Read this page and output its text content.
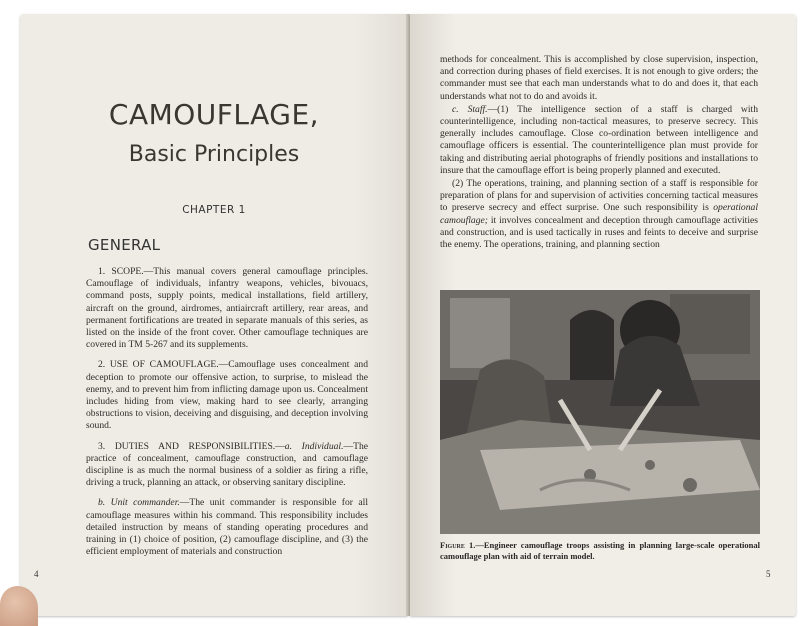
CAMOUFLAGE,
Basic Principles
CHAPTER 1
GENERAL

1. SCOPE.—This manual covers general camouflage principles. Camouflage of individuals, infantry weapons, vehicles, bivouacs, command posts, supply points, medical installations, field artillery, aircraft on the ground, airdromes, antiaircraft artillery, rear areas, and permanent fortifications are treated in separate manuals of this series, as listed on the inside of the front cover. Other camouflage techniques are covered in TM 5-267 and its supplements.

2. USE OF CAMOUFLAGE.—Camouflage uses concealment and deception to promote our offensive action, to surprise, to mislead the enemy, and to prevent him from inflicting damage upon us. Concealment includes hiding from view, making hard to see clearly, arranging obstructions to vision, deceiving and disguising, and deception involving sound.

3. DUTIES AND RESPONSIBILITIES.—a. Individual.—The practice of concealment, camouflage construction, and camouflage discipline is as much the normal business of a soldier as firing a rifle, driving a truck, planning an attack, or observing sanitary discipline.

b. Unit commander.—The unit commander is responsible for all camouflage measures within his command. This responsibility includes detailed instruction by means of standing operating procedures and training in (1) choice of position, (2) camouflage discipline, and (3) the efficient employment of materials and construction

4

methods for concealment. This is accomplished by close supervision, inspection, and correction during phases of field exercises. It is not enough to give orders; the commander must see that each man understands what to do and does it, that each understands what not to do and avoids it.

c. Staff.—(1) The intelligence section of a staff is charged with counterintelligence, including non-tactical measures, to preserve secrecy. This generally includes camouflage. Close co-ordination between intelligence and camouflage officers is essential. The counterintelligence plan must provide for taking and distributing aerial photographs of friendly positions and installations to insure that the camouflage effort is being properly planned and executed.

(2) The operations, training, and planning section of a staff is responsible for preparation of plans for and supervision of activities concerning tactical measures to preserve secrecy and effect surprise. One such responsibility is operational camouflage; it involves concealment and deception through camouflage activities and construction, and is used tactically in ruses and feints to deceive and surprise the enemy. The operations, training, and planning section

Figure 1.—Engineer camouflage troops assisting in planning large-scale operational camouflage plan with aid of terrain model.
5
